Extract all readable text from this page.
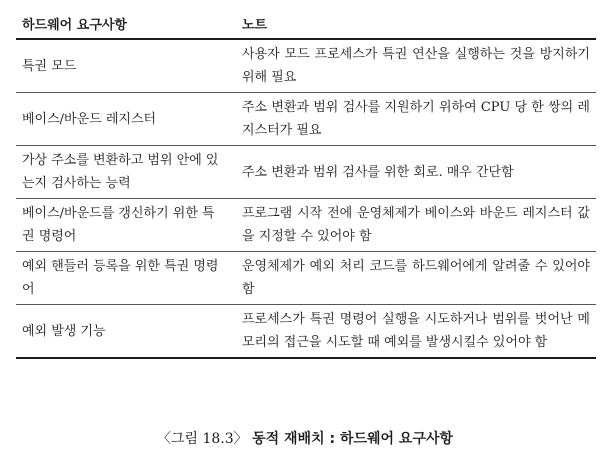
하드웨어 요구사항	노트
특권 모드	사용자 모드 프로세스가 특권 연산을 실행하는 것을 방지하기 위해 필요
베이스/바운드 레지스터	주소 변환과 범위 검사를 지원하기 위하여 CPU 당 한 쌍의 레지스터가 필요
가상 주소를 변환하고 범위 안에 있는지 검사하는 능력	주소 변환과 범위 검사를 위한 회로. 매우 간단함
베이스/바운드를 갱신하기 위한 특권 명령어	프로그램 시작 전에 운영체제가 베이스와 바운드 레지스터 값을 지정할 수 있어야 함
예외 핸들러 등록을 위한 특권 명령어	운영체제가 예외 처리 코드를 하드웨어에게 알려줄 수 있어야 함
예외 발생 기능	프로세스가 특권 명령어 실행을 시도하거나 범위를 벗어난 메모리의 접근을 시도할 때 예외를 발생시킬수 있어야 함
〈그림 18.3〉 동적 재배치 : 하드웨어 요구사항
